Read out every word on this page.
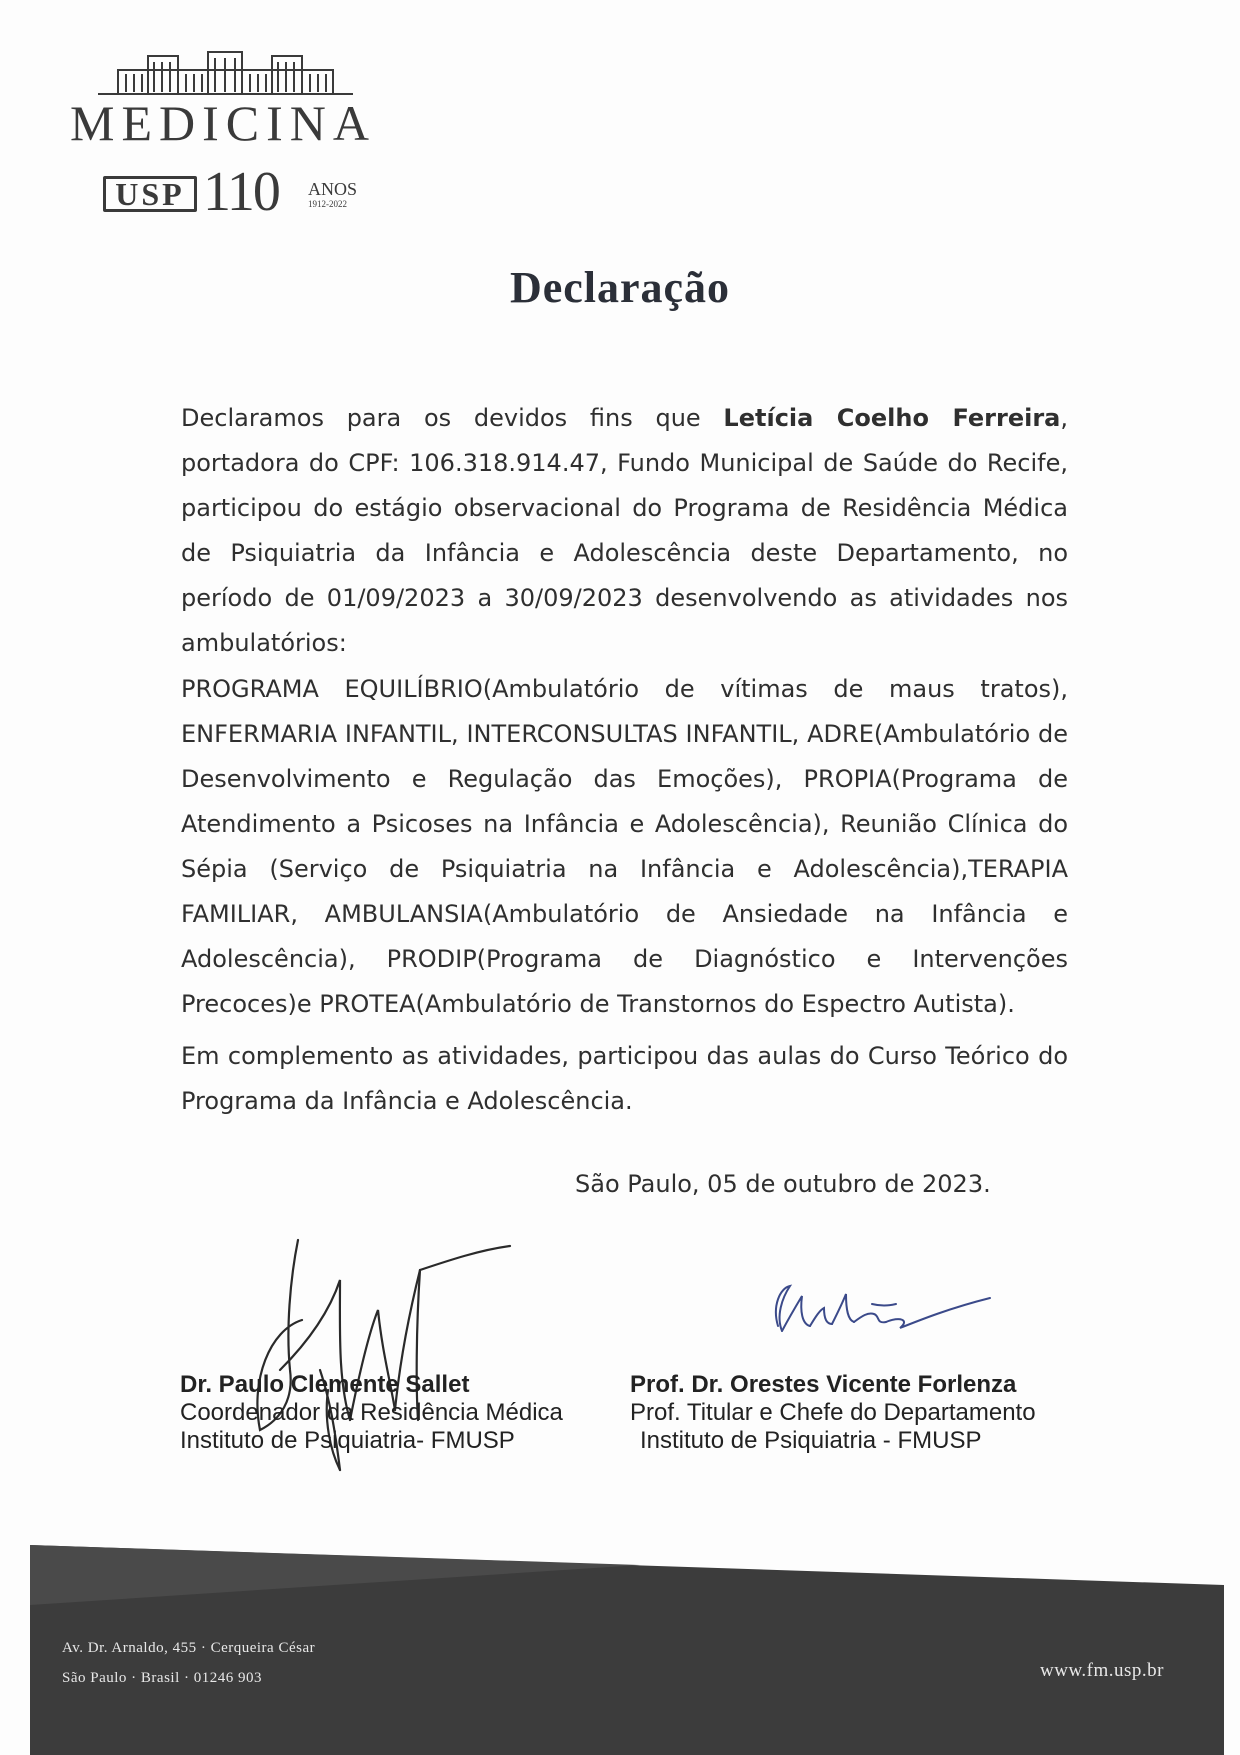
MEDICINA
USP 110 ANOS
1912-2022
Declaração

Declaramos para os devidos fins que Letícia Coelho Ferreira, portadora do CPF: 106.318.914.47, Fundo Municipal de Saúde do Recife, participou do estágio observacional do Programa de Residência Médica de Psiquiatria da Infância e Adolescência deste Departamento, no período de 01/09/2023 a 30/09/2023 desenvolvendo as atividades nos ambulatórios:

PROGRAMA EQUILÍBRIO(Ambulatório de vítimas de maus tratos), ENFERMARIA INFANTIL, INTERCONSULTAS INFANTIL, ADRE(Ambulatório de Desenvolvimento e Regulação das Emoções), PROPIA(Programa de Atendimento a Psicoses na Infância e Adolescência), Reunião Clínica do Sépia (Serviço de Psiquiatria na Infância e Adolescência),TERAPIA FAMILIAR, AMBULANSIA(Ambulatório de Ansiedade na Infância e Adolescência), PRODIP(Programa de Diagnóstico e Intervenções Precoces)e PROTEA(Ambulatório de Transtornos do Espectro Autista).

Em complemento as atividades, participou das aulas do Curso Teórico do Programa da Infância e Adolescência.

São Paulo, 05 de outubro de 2023.
Dr. Paulo Clemente Sallet
Coordenador da Residência Médica
Instituto de Psiquiatria- FMUSP
Prof. Dr. Orestes Vicente Forlenza
Prof. Titular e Chefe do Departamento
Instituto de Psiquiatria - FMUSP
Av. Dr. Arnaldo, 455 · Cerqueira César
São Paulo · Brasil · 01246 903	www.fm.usp.br
